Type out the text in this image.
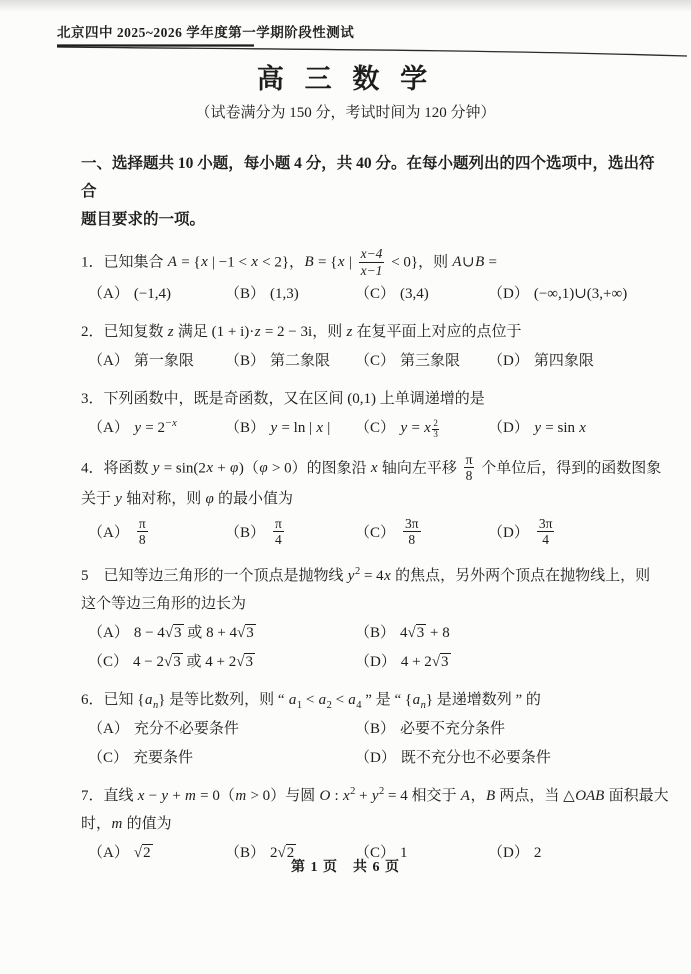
北京四中 2025~2026 学年度第一学期阶段性测试
高 三 数 学
（试卷满分为 150 分，考试时间为 120 分钟）
一、选择题共 10 小题，每小题 4 分，共 40 分。在每小题列出的四个选项中，选出符合
题目要求的一项。
1．已知集合 A = {x | −1 < x < 2}，B = {x | $\frac{x-4}{x-1} < 0$}，则 A∪B =
（A） (−1,4)	（B） (1,3)	（C） (3,4)	（D） (−∞,1)∪(3,+∞)
2．已知复数 z 满足 (1 + i)·z = 2 − 3i，则 z 在复平面上对应的点位于
（A） 第一象限 （B） 第二象限 （C） 第三象限 （D） 第四象限
3．下列函数中，既是奇函数，又在区间 (0,1) 上单调递增的是
（A） $y = 2^{-x}$	（B） y = ln | x | （C） y = x $\frac{2}{3}$	（D） y = sin x
4．将函数 y = sin(2x + φ)（φ > 0）的图象沿 x 轴向左平移 $\frac{\pi}{8}$ 个单位后，得到的函数图象
关于 y 轴对称，则 φ 的最小值为
$(A) \frac{\pi}{8}$	$(B) \frac{\pi}{4}$	$(C) \frac{3\pi}{8}$	$(D) \frac{3\pi}{4}$
5　已知等边三角形的一个顶点是抛物线 $y^2 = 4x$ 的焦点，另外两个顶点在抛物线上，则
这个等边三角形的边长为
（A） 8 − 4√3 或 8 + 4√3	（B） 4√3 + 8
（C） 4 − 2√3 或 4 + 2√3	（D） 4 + 2√3
6．已知 $\{a_n\}$ 是等比数列，则 “ $a_1 < a_2 < a_4$ ” 是 “ $\{a_n\}$ 是递增数列 ” 的
（A） 充分不必要条件	（B） 必要不充分条件
（C） 充要条件	（D） 既不充分也不必要条件
7．直线 x − y + m = 0（m > 0）与圆 O : $x^2 + y^2 = 4$ 相交于 A，B 两点，当 △OAB 面积最大
时，m 的值为
（A） √2	（B） 2√2	（C） 1	（D） 2
第 1 页　共 6 页
